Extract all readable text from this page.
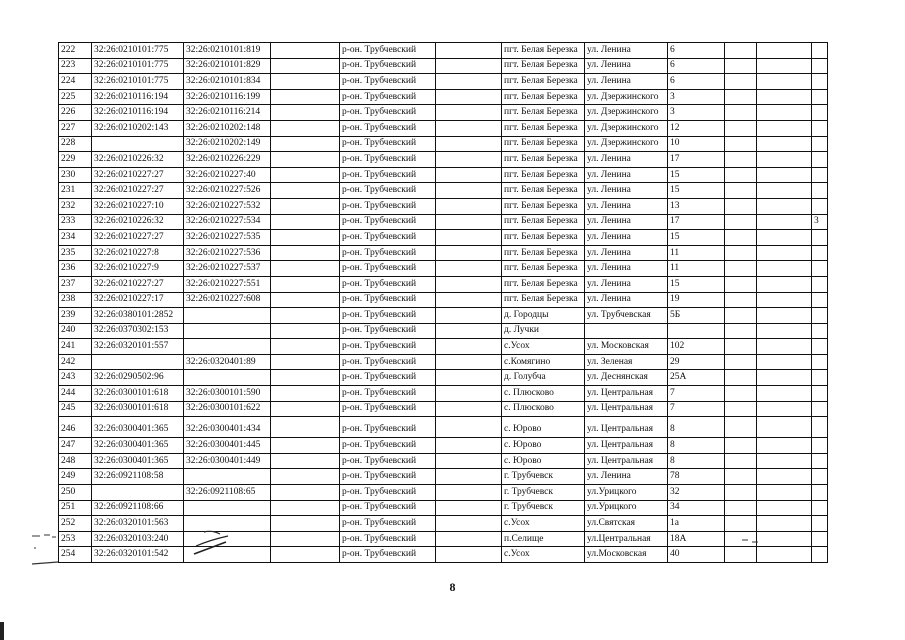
222	32:26:0210101:775	32:26:0210101:819		р-он. Трубчевский		пгт. Белая Березка	ул. Ленина	6			
223	32:26:0210101:775	32:26:0210101:829		р-он. Трубчевский		пгт. Белая Березка	ул. Ленина	6			
224	32:26:0210101:775	32:26:0210101:834		р-он. Трубчевский		пгт. Белая Березка	ул. Ленина	6			
225	32:26:0210116:194	32:26:0210116:199		р-он. Трубчевский		пгт. Белая Березка	ул. Дзержинского	3			
226	32:26:0210116:194	32:26:0210116:214		р-он. Трубчевский		пгт. Белая Березка	ул. Дзержинского	3			
227	32:26:0210202:143	32:26:0210202:148		р-он. Трубчевский		пгт. Белая Березка	ул. Дзержинского	12			
228		32:26:0210202:149		р-он. Трубчевский		пгт. Белая Березка	ул. Дзержинского	10			
229	32:26:0210226:32	32:26:0210226:229		р-он. Трубчевский		пгт. Белая Березка	ул. Ленина	17			
230	32:26:0210227:27	32:26:0210227:40		р-он. Трубчевский		пгт. Белая Березка	ул. Ленина	15			
231	32:26:0210227:27	32:26:0210227:526		р-он. Трубчевский		пгт. Белая Березка	ул. Ленина	15			
232	32:26:0210227:10	32:26:0210227:532		р-он. Трубчевский		пгт. Белая Березка	ул. Ленина	13			
233	32:26:0210226:32	32:26:0210227:534		р-он. Трубчевский		пгт. Белая Березка	ул. Ленина	17			3
234	32:26:0210227:27	32:26:0210227:535		р-он. Трубчевский		пгт. Белая Березка	ул. Ленина	15			
235	32:26:0210227:8	32:26:0210227:536		р-он. Трубчевский		пгт. Белая Березка	ул. Ленина	11			
236	32:26:0210227:9	32:26:0210227:537		р-он. Трубчевский		пгт. Белая Березка	ул. Ленина	11			
237	32:26:0210227:27	32:26:0210227:551		р-он. Трубчевский		пгт. Белая Березка	ул. Ленина	15			
238	32:26:0210227:17	32:26:0210227:608		р-он. Трубчевский		пгт. Белая Березка	ул. Ленина	19			
239	32:26:0380101:2852			р-он. Трубчевский		д. Городцы	ул. Трубчевская	5Б			
240	32:26:0370302:153			р-он. Трубчевский		д. Лучки					
241	32:26:0320101:557			р-он. Трубчевский		с.Усох	ул. Московская	102			
242		32:26:0320401:89		р-он. Трубчевский		с.Комягино	ул. Зеленая	29			
243	32:26:0290502:96			р-он. Трубчевский		д. Голубча	ул. Деснянская	25А			
244	32:26:0300101:618	32:26:0300101:590		р-он. Трубчевский		с. Плюсково	ул. Центральная	7			
245	32:26:0300101:618	32:26:0300101:622		р-он. Трубчевский		с. Плюсково	ул. Центральная	7			
246	32:26:0300401:365	32:26:0300401:434		р-он. Трубчевский		с. Юрово	ул. Центральная	8			
247	32:26:0300401:365	32:26:0300401:445		р-он. Трубчевский		с. Юрово	ул. Центральная	8			
248	32:26:0300401:365	32:26:0300401:449		р-он. Трубчевский		с. Юрово	ул. Центральная	8			
249	32:26:0921108:58			р-он. Трубчевский		г. Трубчевск	ул. Ленина	78			
250		32:26:0921108:65		р-он. Трубчевский		г. Трубчевск	ул.Урицкого	32			
251	32:26:0921108:66			р-он. Трубчевский		г. Трубчевск	ул.Урицкого	34			
252	32:26:0320101:563			р-он. Трубчевский		с.Усох	ул.Святская	1а			
253	32:26:0320103:240			р-он. Трубчевский		п.Селище	ул.Центральная	18А			
254	32:26:0320101:542			р-он. Трубчевский		с.Усох	ул.Московская	40			
8
